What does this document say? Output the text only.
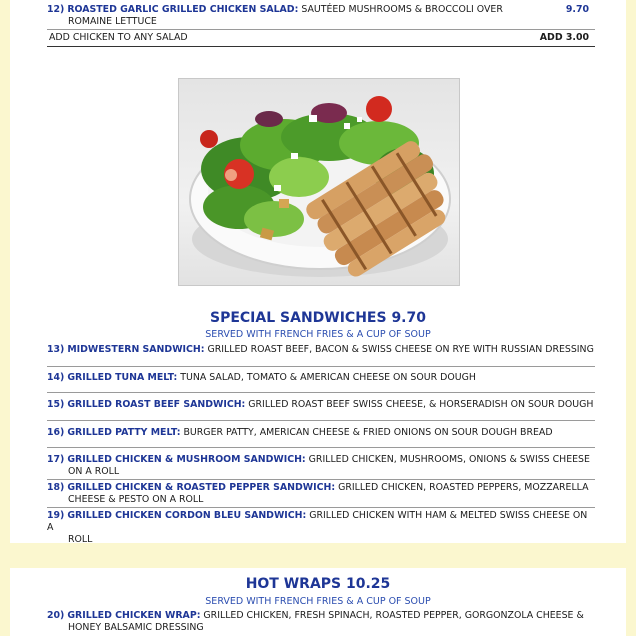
12) ROASTED GARLIC GRILLED CHICKEN SALAD: SAUTÉED MUSHROOMS & BROCCOLI OVER
ROMAINE LETTUCE
9.70
ADD CHICKEN TO ANY SALAD	ADD 3.00
SPECIAL SANDWICHES 9.70
SERVED WITH FRENCH FRIES & A CUP OF SOUP
13) MIDWESTERN SANDWICH: GRILLED ROAST BEEF, BACON & SWISS CHEESE ON RYE WITH RUSSIAN DRESSING
14) GRILLED TUNA MELT: TUNA SALAD, TOMATO & AMERICAN CHEESE ON SOUR DOUGH
15) GRILLED ROAST BEEF SANDWICH: GRILLED ROAST BEEF SWISS CHEESE, & HORSERADISH ON SOUR DOUGH
16) GRILLED PATTY MELT: BURGER PATTY, AMERICAN CHEESE & FRIED ONIONS ON SOUR DOUGH BREAD
17) GRILLED CHICKEN & MUSHROOM SANDWICH: GRILLED CHICKEN, MUSHROOMS, ONIONS & SWISS CHEESE
ON A ROLL
18) GRILLED CHICKEN & ROASTED PEPPER SANDWICH: GRILLED CHICKEN, ROASTED PEPPERS, MOZZARELLA
CHEESE & PESTO ON A ROLL
19) GRILLED CHICKEN CORDON BLEU SANDWICH: GRILLED CHICKEN WITH HAM & MELTED SWISS CHEESE ON A
ROLL
HOT WRAPS 10.25
SERVED WITH FRENCH FRIES & A CUP OF SOUP
20) GRILLED CHICKEN WRAP: GRILLED CHICKEN, FRESH SPINACH, ROASTED PEPPER, GORGONZOLA CHEESE &
HONEY BALSAMIC DRESSING
